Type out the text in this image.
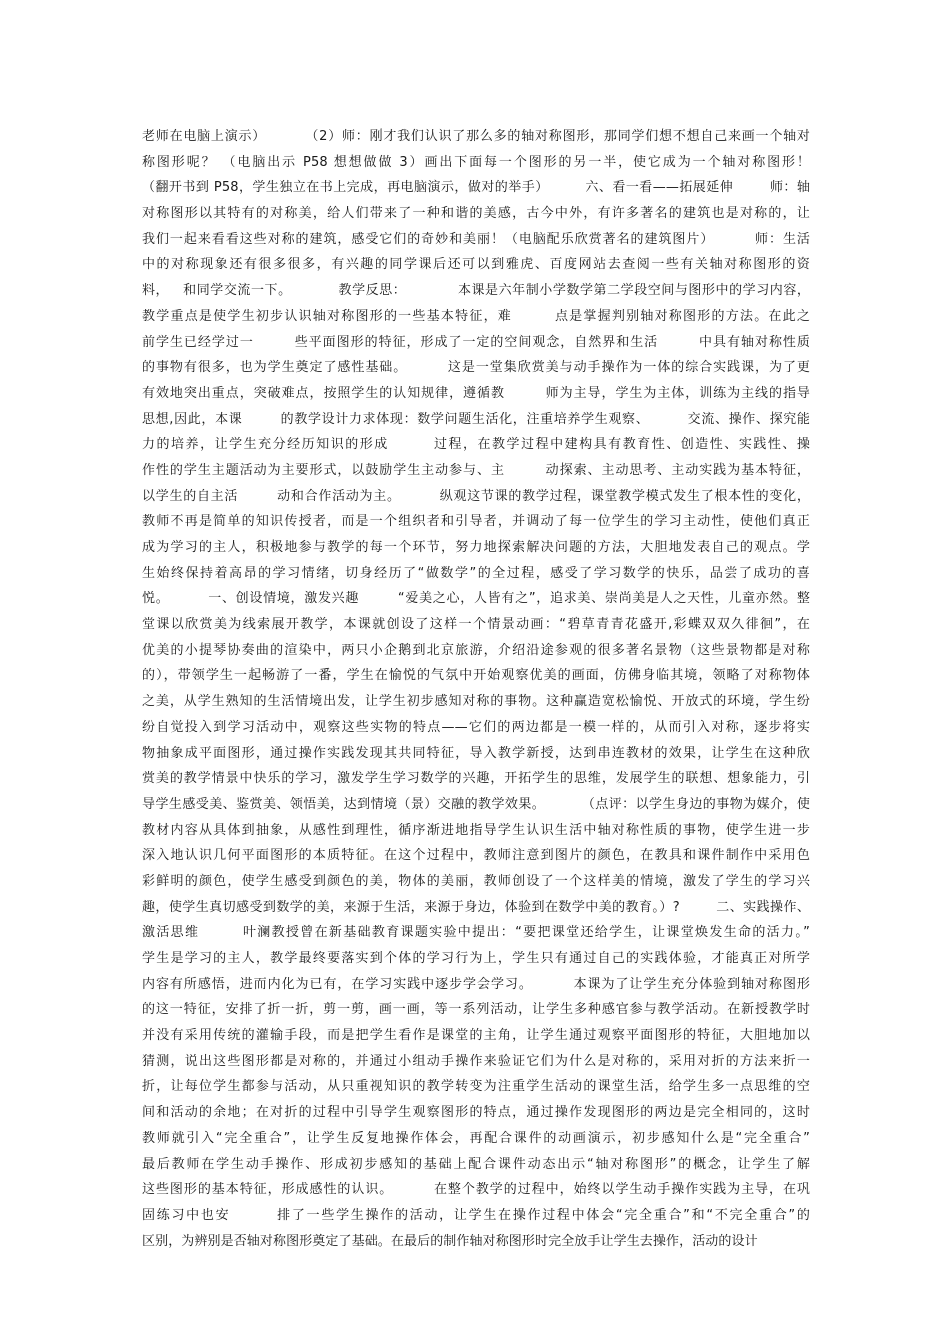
老师在电脑上演示）        （2）师：刚才我们认识了那么多的轴对称图形，那同学们想不想自己来画一个轴对
称图形呢？ （电脑出示 P58 想想做做 3）画出下面每一个图形的另一半，使它成为一个轴对称图形！
（翻开书到 P58，学生独立在书上完成，再电脑演示，做对的举手）        六、看一看——拓展延伸        师：轴
对称图形以其特有的对称美，给人们带来了一种和谐的美感，古今中外，有许多著名的建筑也是对称的，让
我们一起来看看这些对称的建筑，感受它们的奇妙和美丽！（电脑配乐欣赏著名的建筑图片）        师：生活
中的对称现象还有很多很多，有兴趣的同学课后还可以到雅虎、百度网站去查阅一些有关轴对称图形的资
料，   和同学交流一下。          教学反思：           本课是六年制小学数学第二学段空间与图形中的学习内容，
教学重点是使学生初步认识轴对称图形的一些基本特征，难        点是掌握判别轴对称图形的方法。在此之
前学生已经学过一        些平面图形的特征，形成了一定的空间观念，自然界和生活        中具有轴对称性质
的事物有很多，也为学生奠定了感性基础。        这是一堂集欣赏美与动手操作为一体的综合实践课，为了更
有效地突出重点，突破难点，按照学生的认知规律，遵循教        师为主导，学生为主体，训练为主线的指导
思想,因此，本课        的教学设计力求体现：数学问题生活化，注重培养学生观察、        交流、操作、探究能
力的培养，让学生充分经历知识的形成        过程，在教学过程中建构具有教育性、创造性、实践性、操
作性的学生主题活动为主要形式，以鼓励学生主动参与、主        动探索、主动思考、主动实践为基本特征，
以学生的自主活        动和合作活动为主。        纵观这节课的教学过程，课堂教学模式发生了根本性的变化，
教师不再是简单的知识传授者，而是一个组织者和引导者，并调动了每一位学生的学习主动性，使他们真正
成为学习的主人，积极地参与教学的每一个环节，努力地探索解决问题的方法，大胆地发表自己的观点。学
生始终保持着高昂的学习情绪，切身经历了“做数学”的全过程，感受了学习数学的快乐，品尝了成功的喜
悦。        一、创设情境，激发兴趣        “爱美之心，人皆有之”，追求美、崇尚美是人之天性，儿童亦然。整
堂课以欣赏美为线索展开教学，本课就创设了这样一个情景动画：“碧草青青花盛开,彩蝶双双久徘徊”，在
优美的小提琴协奏曲的渲染中，两只小企鹅到北京旅游，介绍沿途参观的很多著名景物（这些景物都是对称
的），带领学生一起畅游了一番，学生在愉悦的气氛中开始观察优美的画面，仿佛身临其境，领略了对称物体
之美，从学生熟知的生活情境出发，让学生初步感知对称的事物。这种赢造宽松愉悦、开放式的环境，学生纷
纷自觉投入到学习活动中，观察这些实物的特点——它们的两边都是一模一样的，从而引入对称，逐步将实
物抽象成平面图形，通过操作实践发现其共同特征，导入教学新授，达到串连教材的效果，让学生在这种欣
赏美的教学情景中快乐的学习，激发学生学习数学的兴趣，开拓学生的思维，发展学生的联想、想象能力，引
导学生感受美、鉴赏美、领悟美，达到情境（景）交融的教学效果。        （点评：以学生身边的事物为媒介，使
教材内容从具体到抽象，从感性到理性，循序渐进地指导学生认识生活中轴对称性质的事物，使学生进一步
深入地认识几何平面图形的本质特征。在这个过程中，教师注意到图片的颜色，在教具和课件制作中采用色
彩鲜明的颜色，使学生感受到颜色的美，物体的美丽，教师创设了一个这样美的情境，激发了学生的学习兴
趣，使学生真切感受到数学的美，来源于生活，来源于身边，体验到在数学中美的教育。）?        二、实践操作、
激活思维        叶澜教授曾在新基础教育课题实验中提出：“要把课堂还给学生，让课堂焕发生命的活力。”
学生是学习的主人，教学最终要落实到个体的学习行为上，学生只有通过自己的实践体验，才能真正对所学
内容有所感悟，进而内化为已有，在学习实践中逐步学会学习。        本课为了让学生充分体验到轴对称图形
的这一特征，安排了折一折，剪一剪，画一画，等一系列活动，让学生多种感官参与教学活动。在新授教学时
并没有采用传统的灌输手段，而是把学生看作是课堂的主角，让学生通过观察平面图形的特征，大胆地加以
猜测，说出这些图形都是对称的，并通过小组动手操作来验证它们为什么是对称的，采用对折的方法来折一
折，让每位学生都参与活动，从只重视知识的教学转变为注重学生活动的课堂生活，给学生多一点思维的空
间和活动的余地；在对折的过程中引导学生观察图形的特点，通过操作发现图形的两边是完全相同的，这时
教师就引入“完全重合”，让学生反复地操作体会，再配合课件的动画演示，初步感知什么是“完全重合”
最后教师在学生动手操作、形成初步感知的基础上配合课件动态出示“轴对称图形”的概念，让学生了解
这些图形的基本特征，形成感性的认识。        在整个教学的过程中，始终以学生动手操作实践为主导，在巩
固练习中也安        排了一些学生操作的活动，让学生在操作过程中体会“完全重合”和“不完全重合”的
区别，为辨别是否轴对称图形奠定了基础。在最后的制作轴对称图形时完全放手让学生去操作，活动的设计
